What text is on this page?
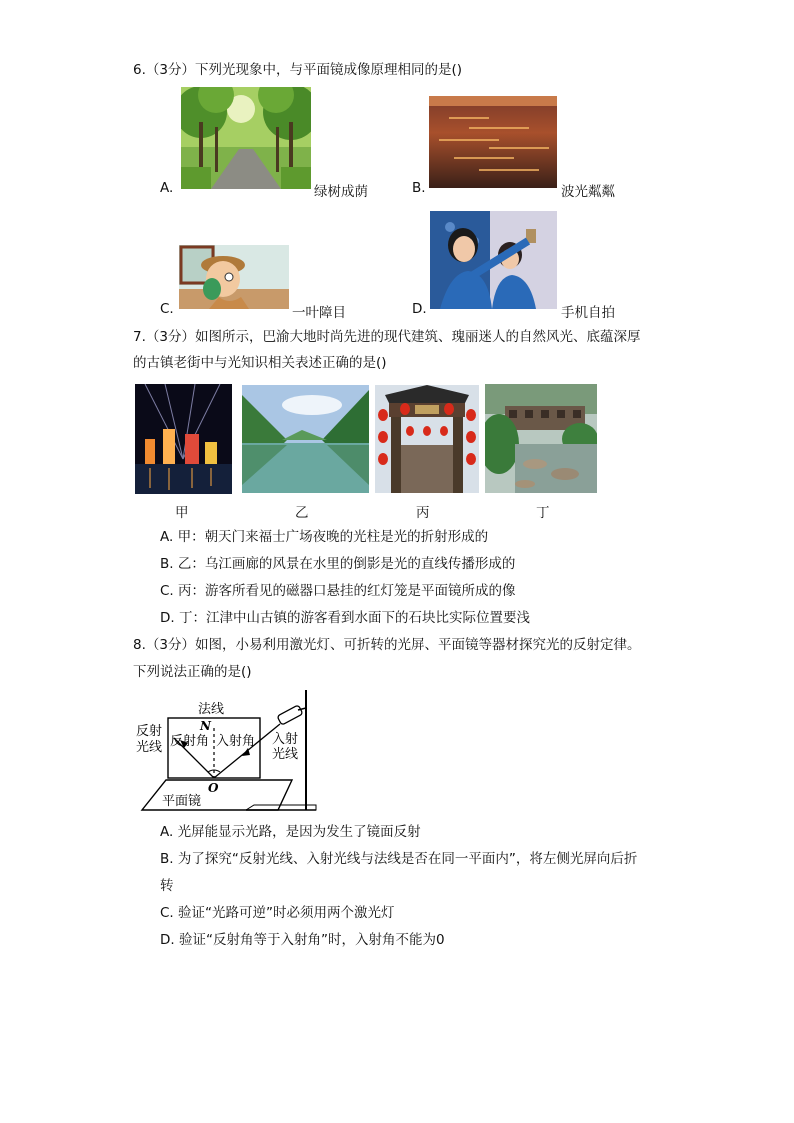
6.（3分）下列光现象中，与平面镜成像原理相同的是()
A.	绿树成荫	B.	波光粼粼
C.	一叶障目	D.	手机自拍
7.（3分）如图所示，巴渝大地时尚先进的现代建筑、瑰丽迷人的自然风光、底蕴深厚
的古镇老街中与光知识相关表述正确的是()
甲	乙	丙	丁
A. 甲：朝天门来福士广场夜晚的光柱是光的折射形成的
B. 乙：乌江画廊的风景在水里的倒影是光的直线传播形成的
C. 丙：游客所看见的磁器口悬挂的红灯笼是平面镜所成的像
D. 丁：江津中山古镇的游客看到水面下的石块比实际位置要浅
8.（3分）如图，小易利用激光灯、可折转的光屏、平面镜等器材探究光的反射定律。
下列说法正确的是()
法线
N
反射
光线 反射角 入射角 入射
光线
O
平面镜
A. 光屏能显示光路，是因为发生了镜面反射
B. 为了探究“反射光线、入射光线与法线是否在同一平面内”，将左侧光屏向后折
转
C. 验证“光路可逆”时必须用两个激光灯
D. 验证“反射角等于入射角”时，入射角不能为0
